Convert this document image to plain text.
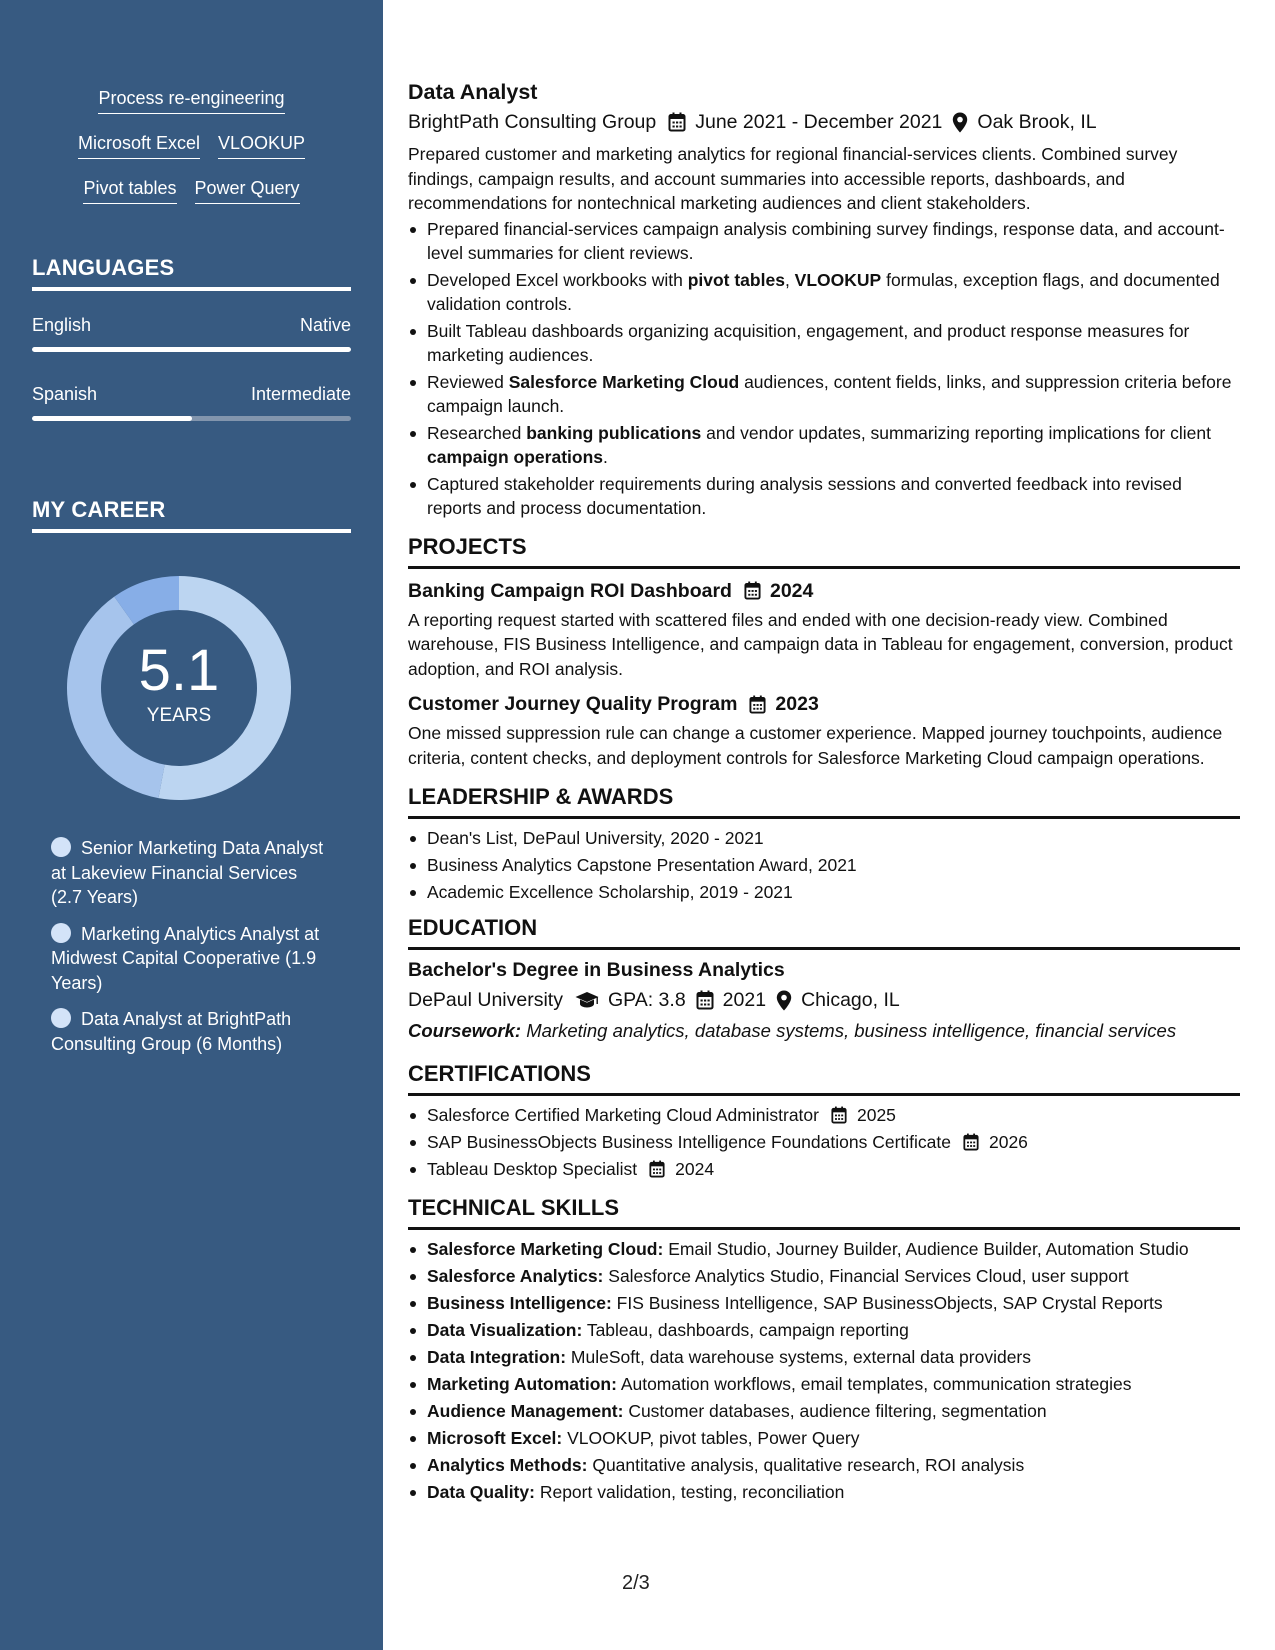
Process re-engineering
Microsoft Excel VLOOKUP
Pivot tables Power Query
LANGUAGES
English	Native
Spanish	Intermediate
MY CAREER
5.1
YEARS
Senior Marketing Data Analyst at Lakeview Financial Services (2.7 Years)
Marketing Analytics Analyst at Midwest Capital Cooperative (1.9 Years)
Data Analyst at BrightPath Consulting Group (6 Months)
Data Analyst
BrightPath Consulting Group June 2021 - December 2021 Oak Brook, IL
Prepared customer and marketing analytics for regional financial-services clients. Combined survey findings, campaign results, and account summaries into accessible reports, dashboards, and recommendations for nontechnical marketing audiences and client stakeholders.
Prepared financial-services campaign analysis combining survey findings, response data, and account-level summaries for client reviews.
Developed Excel workbooks with pivot tables, VLOOKUP formulas, exception flags, and documented validation controls.
Built Tableau dashboards organizing acquisition, engagement, and product response measures for marketing audiences.
Reviewed Salesforce Marketing Cloud audiences, content fields, links, and suppression criteria before campaign launch.
Researched banking publications and vendor updates, summarizing reporting implications for client campaign operations.
Captured stakeholder requirements during analysis sessions and converted feedback into revised reports and process documentation.
PROJECTS
Banking Campaign ROI Dashboard 2024
A reporting request started with scattered files and ended with one decision-ready view. Combined warehouse, FIS Business Intelligence, and campaign data in Tableau for engagement, conversion, product adoption, and ROI analysis.
Customer Journey Quality Program 2023
One missed suppression rule can change a customer experience. Mapped journey touchpoints, audience criteria, content checks, and deployment controls for Salesforce Marketing Cloud campaign operations.
LEADERSHIP & AWARDS
Dean's List, DePaul University, 2020 - 2021
Business Analytics Capstone Presentation Award, 2021
Academic Excellence Scholarship, 2019 - 2021
EDUCATION
Bachelor's Degree in Business Analytics
DePaul University GPA: 3.8 2021 Chicago, IL
Coursework: Marketing analytics, database systems, business intelligence, financial services
CERTIFICATIONS
Salesforce Certified Marketing Cloud Administrator 2025
SAP BusinessObjects Business Intelligence Foundations Certificate 2026
Tableau Desktop Specialist 2024
TECHNICAL SKILLS
Salesforce Marketing Cloud: Email Studio, Journey Builder, Audience Builder, Automation Studio
Salesforce Analytics: Salesforce Analytics Studio, Financial Services Cloud, user support
Business Intelligence: FIS Business Intelligence, SAP BusinessObjects, SAP Crystal Reports
Data Visualization: Tableau, dashboards, campaign reporting
Data Integration: MuleSoft, data warehouse systems, external data providers
Marketing Automation: Automation workflows, email templates, communication strategies
Audience Management: Customer databases, audience filtering, segmentation
Microsoft Excel: VLOOKUP, pivot tables, Power Query
Analytics Methods: Quantitative analysis, qualitative research, ROI analysis
Data Quality: Report validation, testing, reconciliation
2/3
